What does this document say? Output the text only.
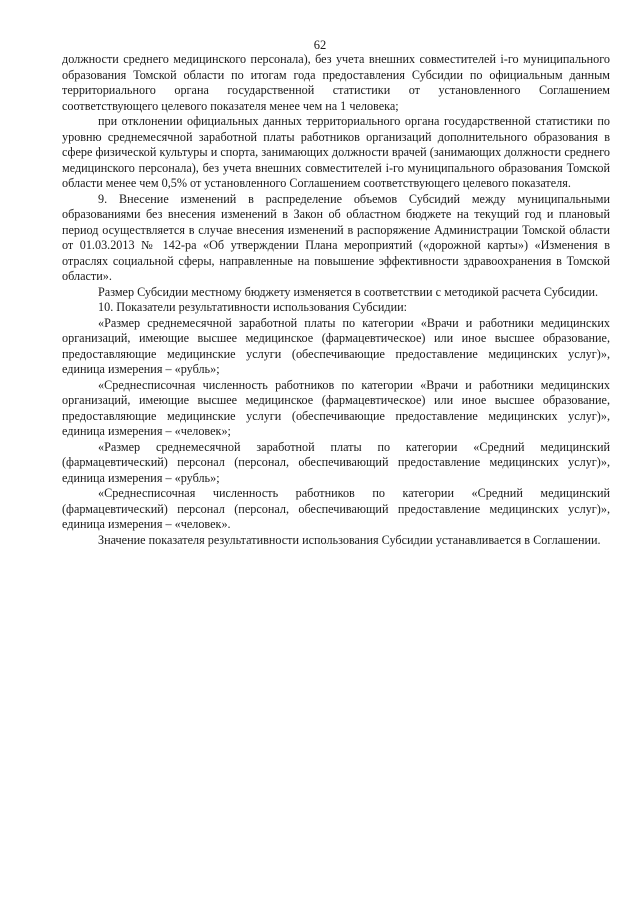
62

должности среднего медицинского персонала), без учета внешних совместителей i-го муниципального образования Томской области по итогам года предоставления Субсидии по официальным данным территориального органа государственной статистики от установленного Соглашением соответствующего целевого показателя менее чем на 1 человека;

при отклонении официальных данных территориального органа государственной статистики по уровню среднемесячной заработной платы работников организаций дополнительного образования в сфере физической культуры и спорта, занимающих должности врачей (занимающих должности среднего медицинского персонала), без учета внешних совместителей i-го муниципального образования Томской области менее чем 0,5% от установленного Соглашением соответствующего целевого показателя.

9. Внесение изменений в распределение объемов Субсидий между муниципальными образованиями без внесения изменений в Закон об областном бюджете на текущий год и плановый период осуществляется в случае внесения изменений в распоряжение Администрации Томской области от 01.03.2013 № 142-ра «Об утверждении Плана мероприятий («дорожной карты») «Изменения в отраслях социальной сферы, направленные на повышение эффективности здравоохранения в Томской области».

Размер Субсидии местному бюджету изменяется в соответствии с методикой расчета Субсидии.

10. Показатели результативности использования Субсидии:

«Размер среднемесячной заработной платы по категории «Врачи и работники медицинских организаций, имеющие высшее медицинское (фармацевтическое) или иное высшее образование, предоставляющие медицинские услуги (обеспечивающие предоставление медицинских услуг)», единица измерения – «рубль»;

«Среднесписочная численность работников по категории «Врачи и работники медицинских организаций, имеющие высшее медицинское (фармацевтическое) или иное высшее образование, предоставляющие медицинские услуги (обеспечивающие предоставление медицинских услуг)», единица измерения – «человек»;

«Размер среднемесячной заработной платы по категории «Средний медицинский (фармацевтический) персонал (персонал, обеспечивающий предоставление медицинских услуг)», единица измерения – «рубль»;

«Среднесписочная численность работников по категории «Средний медицинский (фармацевтический) персонал (персонал, обеспечивающий предоставление медицинских услуг)», единица измерения – «человек».

Значение показателя результативности использования Субсидии устанавливается в Соглашении.
